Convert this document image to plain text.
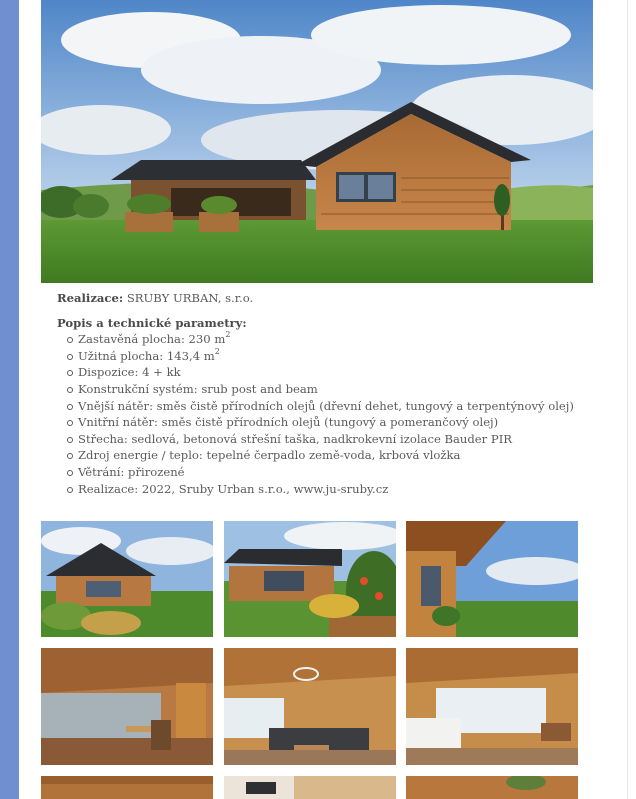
Realizace: SRUBY URBAN, s.r.o.

Popis a technické parametry:

Zastavěná plocha: 230 $m^2$
Užitná plocha: 143,4 $m^2$
Dispozice: 4 + kk
Konstrukční systém: srub post and beam
Vnější nátěr: směs čistě přírodních olejů (dřevní dehet, tungový a terpentýnový olej)
Vnitřní nátěr: směs čistě přírodních olejů (tungový a pomerančový olej)
Střecha: sedlová, betonová střešní taška, nadkrokevní izolace Bauder PIR
Zdroj energie / teplo: tepelné čerpadlo země-voda, krbová vložka
Větrání: přirozené
Realizace: 2022, Sruby Urban s.r.o., www.ju-sruby.cz
